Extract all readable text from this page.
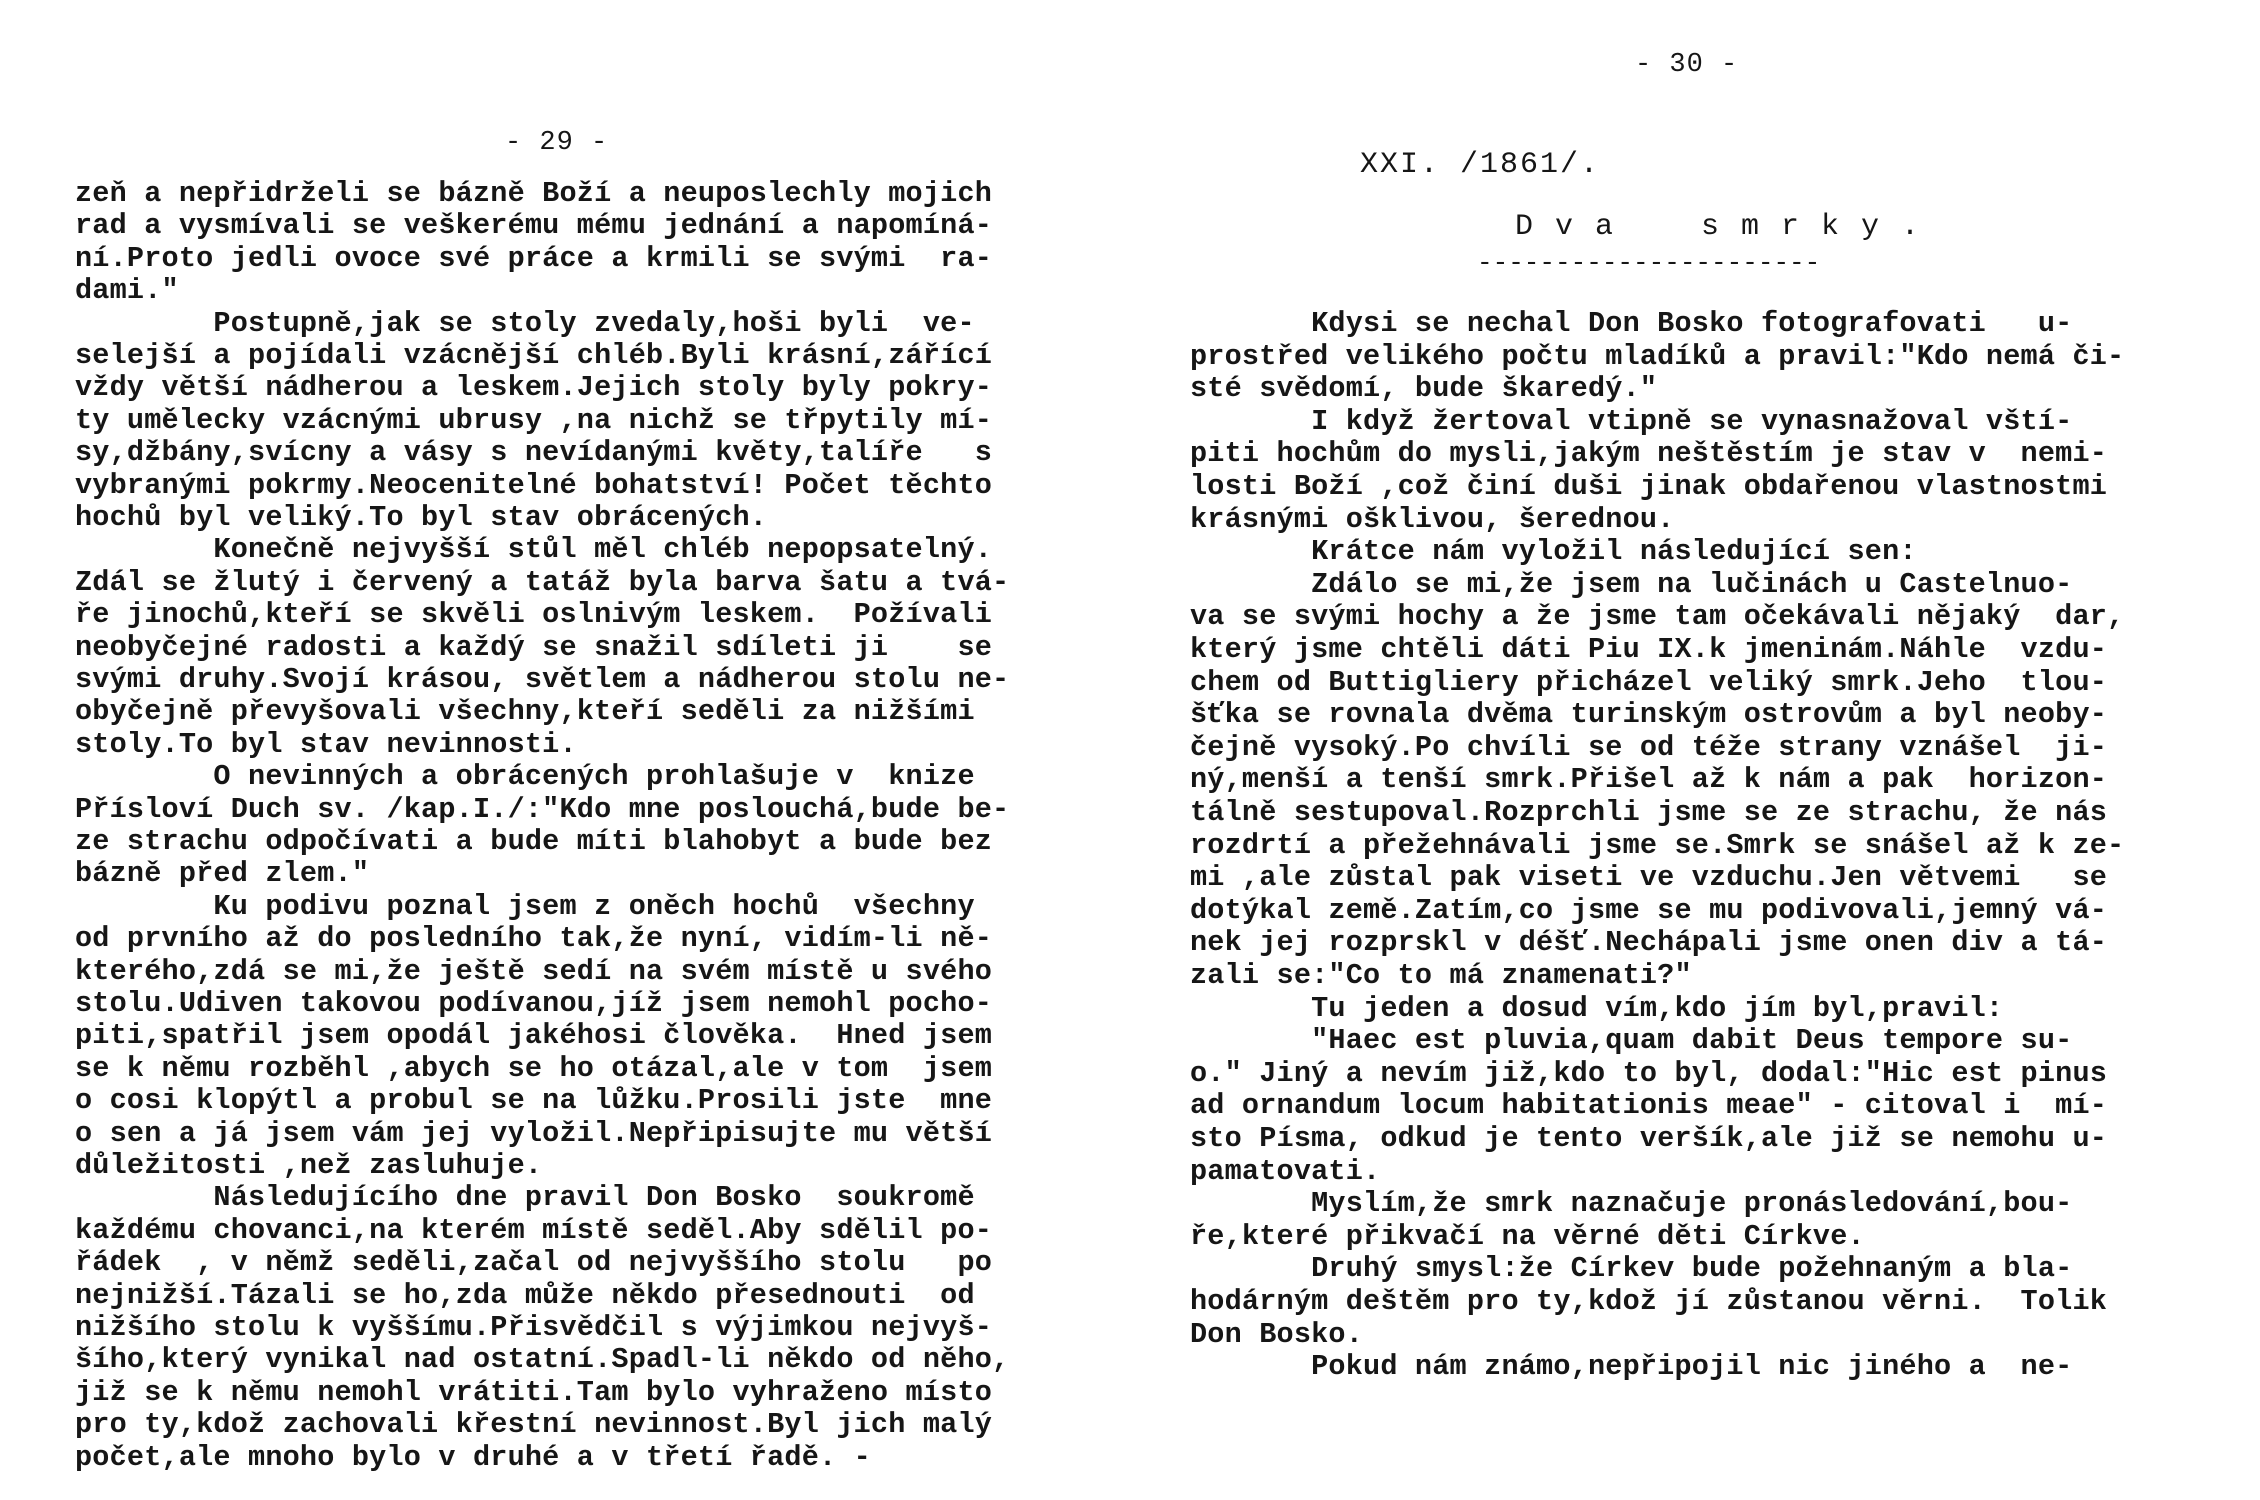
- 29 -
zeň a nepřidrželi se bázně Boží a neuposlechly mojich
rad a vysmívali se veškerému mému jednání a napomíná-
ní.Proto jedli ovoce své práce a krmili se svými  ra-
dami."
Postupně,jak se stoly zvedaly,hoši byli  ve-
selejší a pojídali vzácnější chléb.Byli krásní,zářící
vždy větší nádherou a leskem.Jejich stoly byly pokry-
ty umělecky vzácnými ubrusy ,na nichž se třpytily mí-
sy,džbány,svícny a vásy s nevídanými květy,talíře   s
vybranými pokrmy.Neocenitelné bohatství! Počet těchto
hochů byl veliký.To byl stav obrácených.
Konečně nejvyšší stůl měl chléb nepopsatelný.
Zdál se žlutý i červený a tatáž byla barva šatu a tvá-
ře jinochů,kteří se skvěli oslnivým leskem.  Požívali
neobyčejné radosti a každý se snažil sdíleti ji    se
svými druhy.Svojí krásou, světlem a nádherou stolu ne-
obyčejně převyšovali všechny,kteří seděli za nižšími
stoly.To byl stav nevinnosti.
O nevinných a obrácených prohlašuje v  knize
Přísloví Duch sv. /kap.I./:"Kdo mne poslouchá,bude be-
ze strachu odpočívati a bude míti blahobyt a bude bez
bázně před zlem."
Ku podivu poznal jsem z oněch hochů  všechny
od prvního až do posledního tak,že nyní, vidím-li ně-
kterého,zdá se mi,že ještě sedí na svém místě u svého
stolu.Udiven takovou podívanou,jíž jsem nemohl pocho-
piti,spatřil jsem opodál jakéhosi člověka.  Hned jsem
se k němu rozběhl ,abych se ho otázal,ale v tom  jsem
o cosi klopýtl a probul se na lůžku.Prosili jste  mne
o sen a já jsem vám jej vyložil.Nepřipisujte mu větší
důležitosti ,než zasluhuje.
Následujícího dne pravil Don Bosko  soukromě
každému chovanci,na kterém místě seděl.Aby sdělil po-
řádek  , v němž seděli,začal od nejvyššího stolu   po
nejnižší.Tázali se ho,zda může někdo přesednouti  od
nižšího stolu k vyššímu.Přisvědčil s výjimkou nejvyš-
šího,který vynikal nad ostatní.Spadl-li někdo od něho,
již se k němu nemohl vrátiti.Tam bylo vyhraženo místo
pro ty,kdož zachovali křestní nevinnost.Byl jich malý
počet,ale mnoho bylo v druhé a v třetí řadě. -
- 30 -
XXI. /1861/.
D v a    s m r k y .
----------------------
Kdysi se nechal Don Bosko fotografovati   u-
prostřed velikého počtu mladíků a pravil:"Kdo nemá či-
sté svědomí, bude škaredý."
I když žertoval vtipně se vynasnažoval vští-
piti hochům do mysli,jakým neštěstím je stav v  nemi-
losti Boží ,což činí duši jinak obdařenou vlastnostmi
krásnými ošklivou, šerednou.
Krátce nám vyložil následující sen:
Zdálo se mi,že jsem na lučinách u Castelnuo-
va se svými hochy a že jsme tam očekávali nějaký  dar,
který jsme chtěli dáti Piu IX.k jmeninám.Náhle  vzdu-
chem od Buttigliery přicházel veliký smrk.Jeho  tlou-
šťka se rovnala dvěma turinským ostrovům a byl neoby-
čejně vysoký.Po chvíli se od téže strany vznášel  ji-
ný,menší a tenší smrk.Přišel až k nám a pak  horizon-
tálně sestupoval.Rozprchli jsme se ze strachu, že nás
rozdrtí a přežehnávali jsme se.Smrk se snášel až k ze-
mi ,ale zůstal pak viseti ve vzduchu.Jen větvemi   se
dotýkal země.Zatím,co jsme se mu podivovali,jemný vá-
nek jej rozprskl v déšť.Nechápali jsme onen div a tá-
zali se:"Co to má znamenati?"
Tu jeden a dosud vím,kdo jím byl,pravil:
"Haec est pluvia,quam dabit Deus tempore su-
o." Jiný a nevím již,kdo to byl, dodal:"Hic est pinus
ad ornandum locum habitationis meae" - citoval i  mí-
sto Písma, odkud je tento veršík,ale již se nemohu u-
pamatovati.
Myslím,že smrk naznačuje pronásledování,bou-
ře,které přikvačí na věrné děti Církve.
Druhý smysl:že Církev bude požehnaným a bla-
hodárným deštěm pro ty,kdož jí zůstanou věrni.  Tolik
Don Bosko.
Pokud nám známo,nepřipojil nic jiného a  ne-
